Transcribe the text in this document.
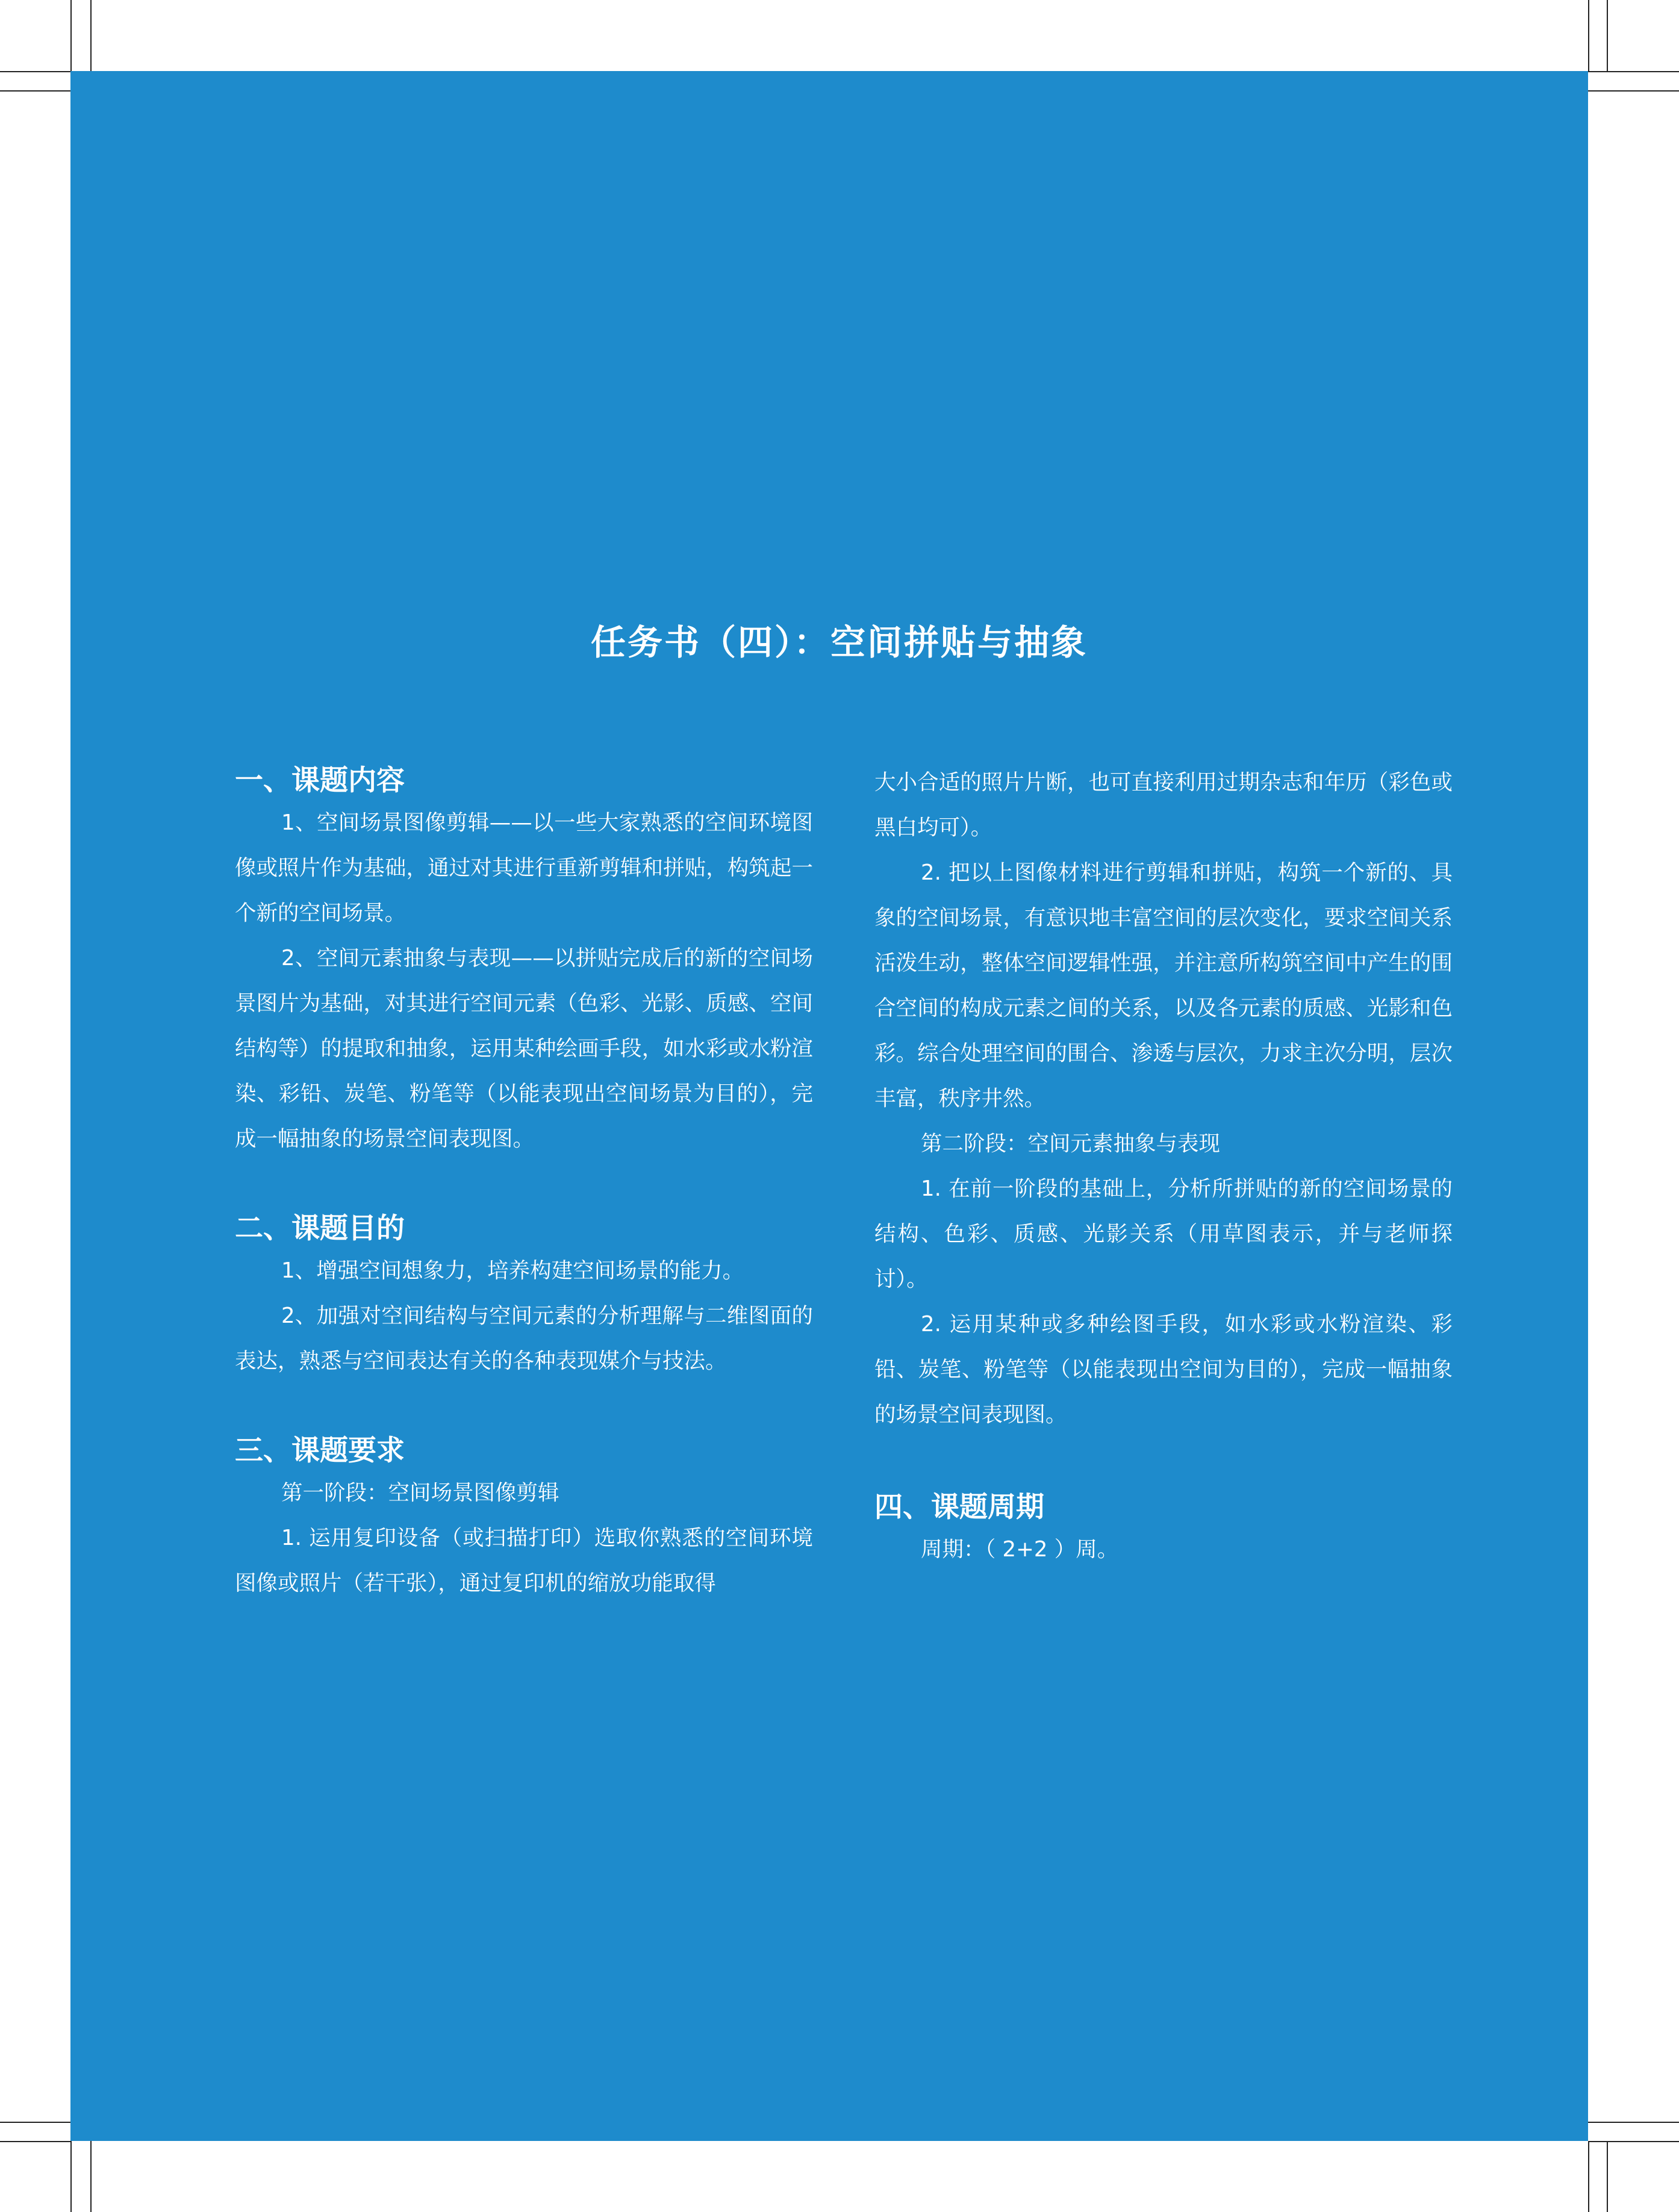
任务书（四）：空间拼贴与抽象
一、课题内容

1、空间场景图像剪辑——以一些大家熟悉的空间环境图像或照片作为基础，通过对其进行重新剪辑和拼贴，构筑起一个新的空间场景。

2、空间元素抽象与表现——以拼贴完成后的新的空间场景图片为基础，对其进行空间元素（色彩、光影、质感、空间结构等）的提取和抽象，运用某种绘画手段，如水彩或水粉渲染、彩铅、炭笔、粉笔等（以能表现出空间场景为目的），完成一幅抽象的场景空间表现图。

二、课题目的

1、增强空间想象力，培养构建空间场景的能力。

2、加强对空间结构与空间元素的分析理解与二维图面的表达，熟悉与空间表达有关的各种表现媒介与技法。

三、课题要求

第一阶段：空间场景图像剪辑

1. 运用复印设备（或扫描打印）选取你熟悉的空间环境图像或照片（若干张），通过复印机的缩放功能取得

大小合适的照片片断，也可直接利用过期杂志和年历（彩色或黑白均可）。

2. 把以上图像材料进行剪辑和拼贴，构筑一个新的、具象的空间场景，有意识地丰富空间的层次变化，要求空间关系活泼生动，整体空间逻辑性强，并注意所构筑空间中产生的围合空间的构成元素之间的关系，以及各元素的质感、光影和色彩。综合处理空间的围合、渗透与层次，力求主次分明，层次丰富，秩序井然。

第二阶段：空间元素抽象与表现

1. 在前一阶段的基础上，分析所拼贴的新的空间场景的结构、色彩、质感、光影关系（用草图表示，并与老师探讨）。

2. 运用某种或多种绘图手段，如水彩或水粉渲染、彩铅、炭笔、粉笔等（以能表现出空间为目的），完成一幅抽象的场景空间表现图。

四、课题周期

周期：（ 2+2 ）周。
